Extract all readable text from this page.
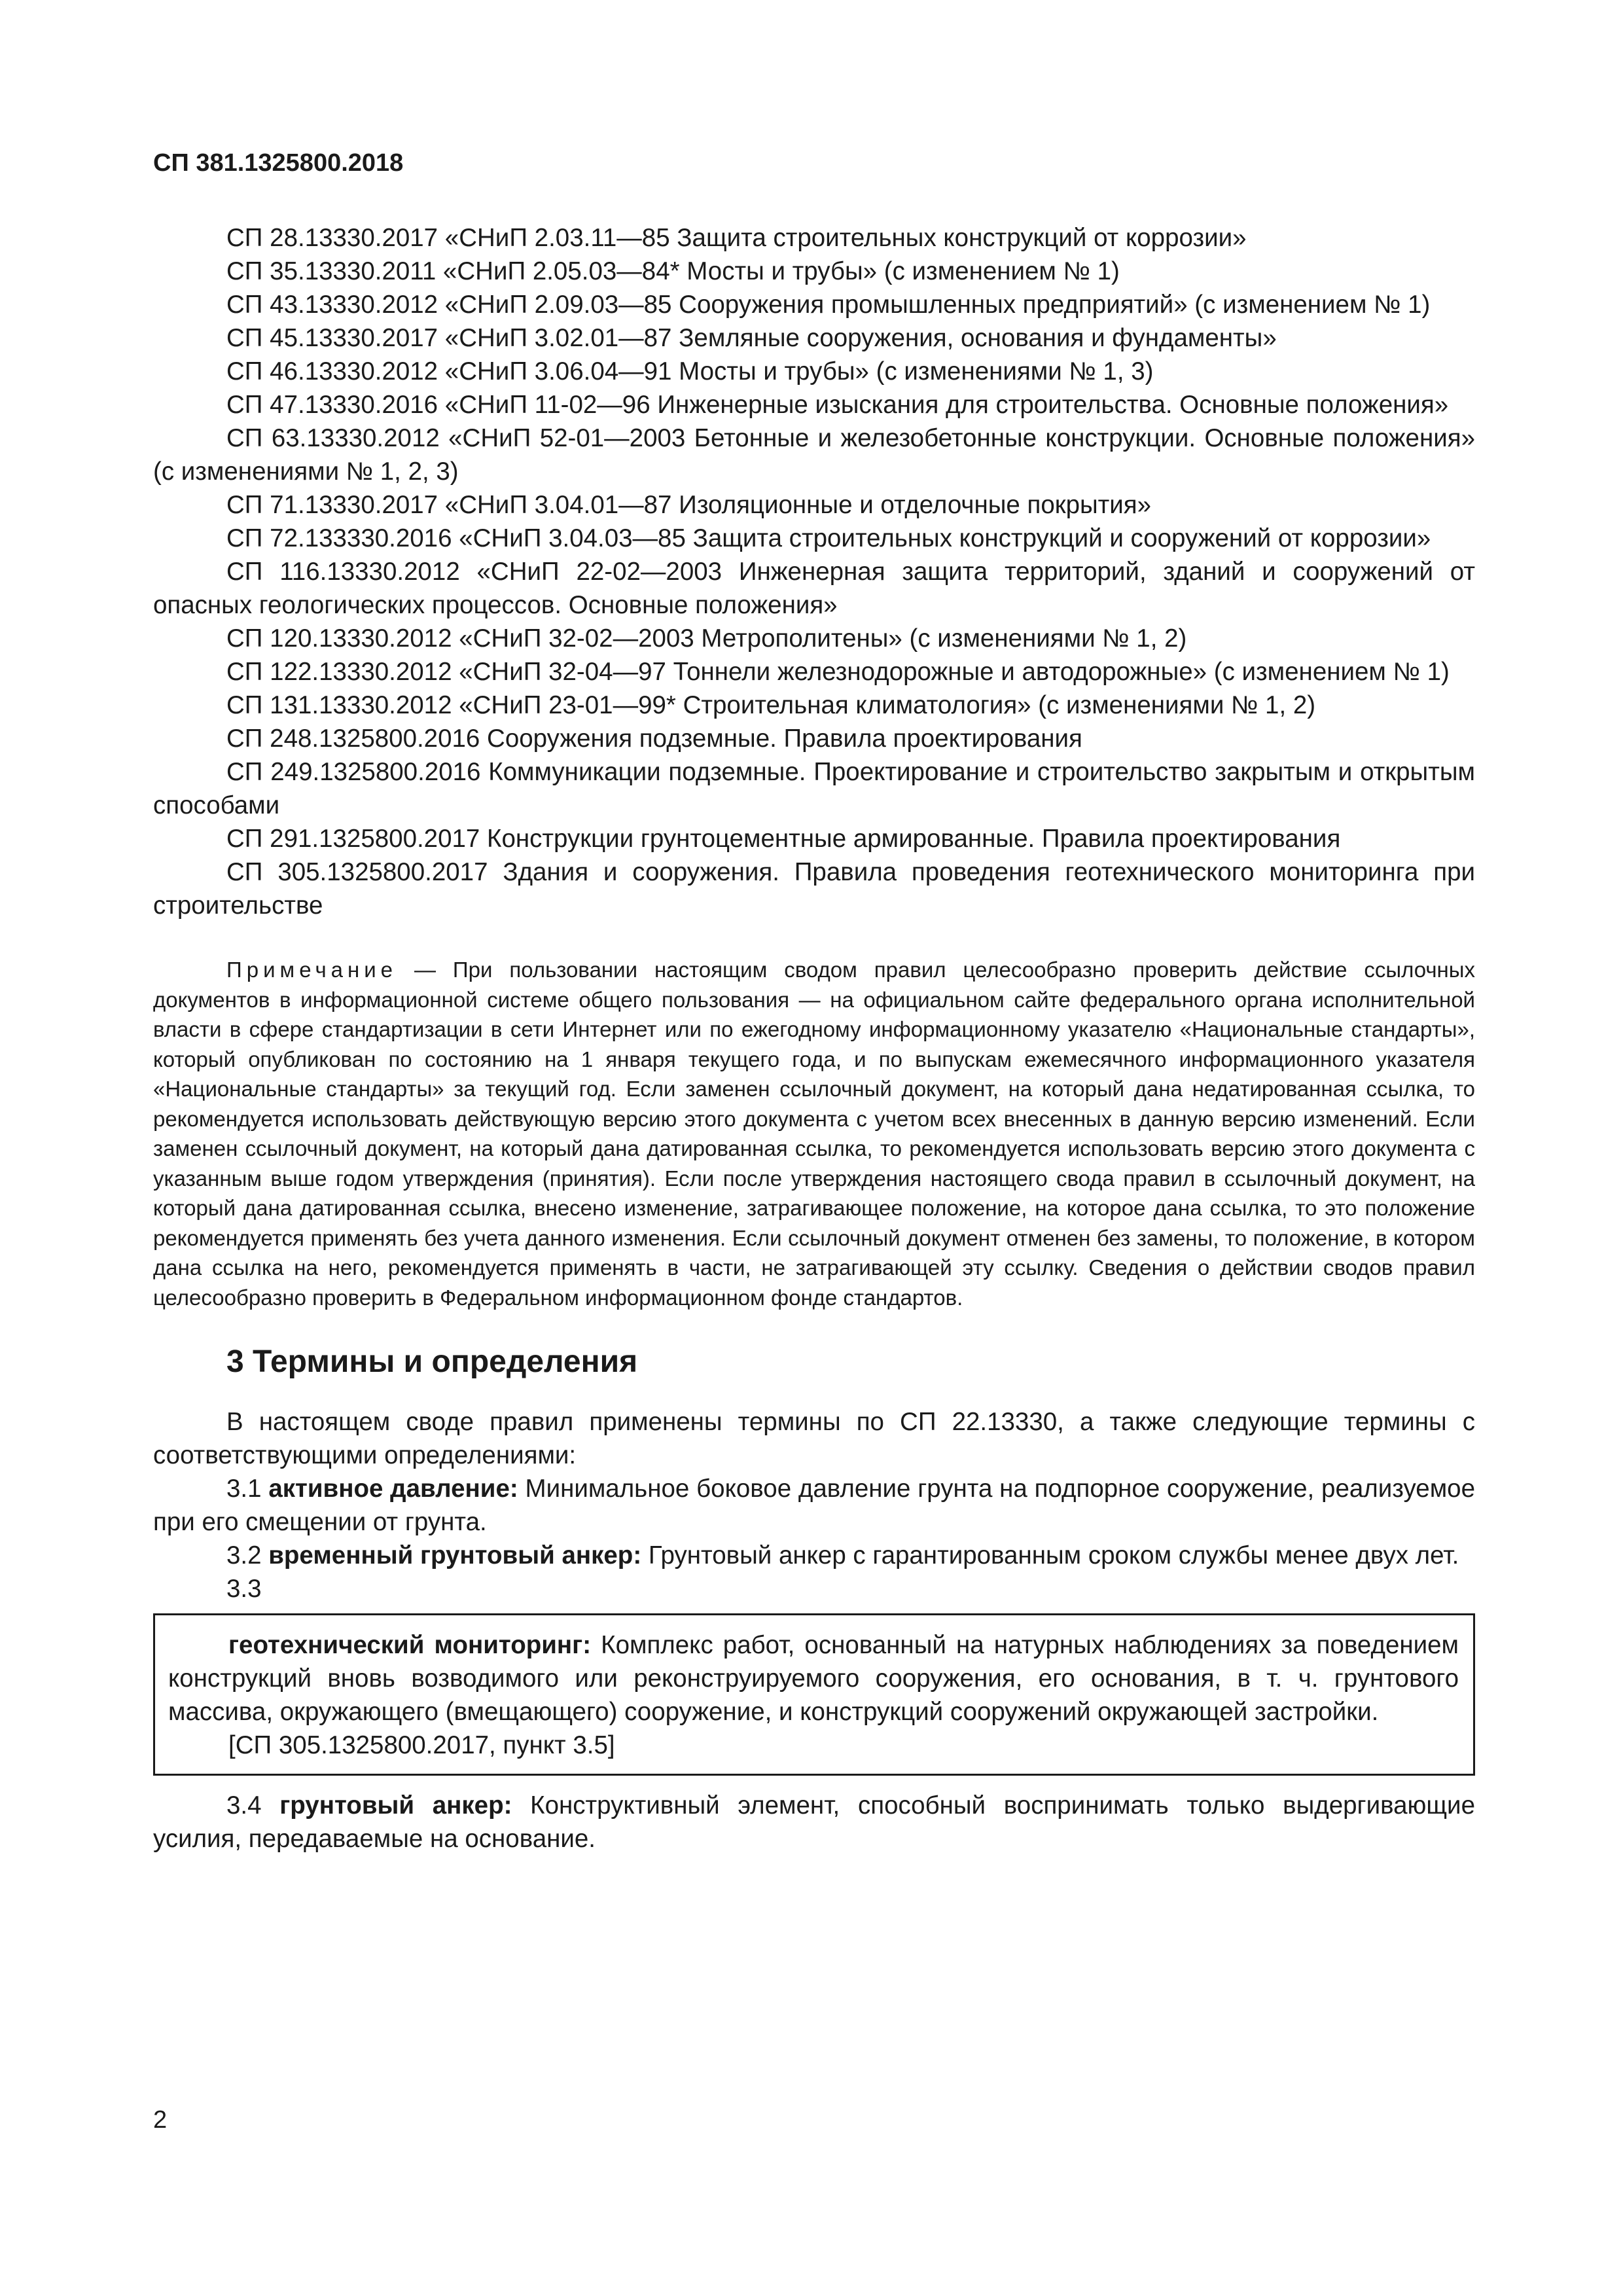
СП 381.1325800.2018

СП 28.13330.2017 «СНиП 2.03.11—85 Защита строительных конструкций от коррозии»

СП 35.13330.2011 «СНиП 2.05.03—84* Мосты и трубы» (с изменением № 1)

СП 43.13330.2012 «СНиП 2.09.03—85 Сооружения промышленных предприятий» (с изменением № 1)

СП 45.13330.2017 «СНиП 3.02.01—87 Земляные сооружения, основания и фундаменты»

СП 46.13330.2012 «СНиП 3.06.04—91 Мосты и трубы» (с изменениями № 1, 3)

СП 47.13330.2016 «СНиП 11-02—96 Инженерные изыскания для строительства. Основные положения»

СП 63.13330.2012 «СНиП 52-01—2003 Бетонные и железобетонные конструкции. Основные положения» (с изменениями № 1, 2, 3)

СП 71.13330.2017 «СНиП 3.04.01—87 Изоляционные и отделочные покрытия»

СП 72.133330.2016 «СНиП 3.04.03—85 Защита строительных конструкций и сооружений от коррозии»

СП 116.13330.2012 «СНиП 22-02—2003 Инженерная защита территорий, зданий и сооружений от опасных геологических процессов. Основные положения»

СП 120.13330.2012 «СНиП 32-02—2003 Метрополитены» (с изменениями № 1, 2)

СП 122.13330.2012 «СНиП 32-04—97 Тоннели железнодорожные и автодорожные» (с изменением № 1)

СП 131.13330.2012 «СНиП 23-01—99* Строительная климатология» (с изменениями № 1, 2)

СП 248.1325800.2016 Сооружения подземные. Правила проектирования

СП 249.1325800.2016 Коммуникации подземные. Проектирование и строительство закрытым и открытым способами

СП 291.1325800.2017 Конструкции грунтоцементные армированные. Правила проектирования

СП 305.1325800.2017 Здания и сооружения. Правила проведения геотехнического мониторинга при строительстве

Примечание — При пользовании настоящим сводом правил целесообразно проверить действие ссылочных документов в информационной системе общего пользования — на официальном сайте федерального органа исполнительной власти в сфере стандартизации в сети Интернет или по ежегодному информационному указателю «Национальные стандарты», который опубликован по состоянию на 1 января текущего года, и по выпускам ежемесячного информационного указателя «Национальные стандарты» за текущий год. Если заменен ссылочный документ, на который дана недатированная ссылка, то рекомендуется использовать действующую версию этого документа с учетом всех внесенных в данную версию изменений. Если заменен ссылочный документ, на который дана датированная ссылка, то рекомендуется использовать версию этого документа с указанным выше годом утверждения (принятия). Если после утверждения настоящего свода правил в ссылочный документ, на который дана датированная ссылка, внесено изменение, затрагивающее положение, на которое дана ссылка, то это положение рекомендуется применять без учета данного изменения. Если ссылочный документ отменен без замены, то положение, в котором дана ссылка на него, рекомендуется применять в части, не затрагивающей эту ссылку. Сведения о действии сводов правил целесообразно проверить в Федеральном информационном фонде стандартов.
3 Термины и определения

В настоящем своде правил применены термины по СП 22.13330, а также следующие термины с соответствующими определениями:

3.1 активное давление: Минимальное боковое давление грунта на подпорное сооружение, реализуемое при его смещении от грунта.

3.2 временный грунтовый анкер: Грунтовый анкер с гарантированным сроком службы менее двух лет.

3.3

геотехнический мониторинг: Комплекс работ, основанный на натурных наблюдениях за поведением конструкций вновь возводимого или реконструируемого сооружения, его основания, в т. ч. грунтового массива, окружающего (вмещающего) сооружение, и конструкций сооружений окружающей застройки.

[СП 305.1325800.2017, пункт 3.5]

3.4 грунтовый анкер: Конструктивный элемент, способный воспринимать только выдергивающие усилия, передаваемые на основание.

2
